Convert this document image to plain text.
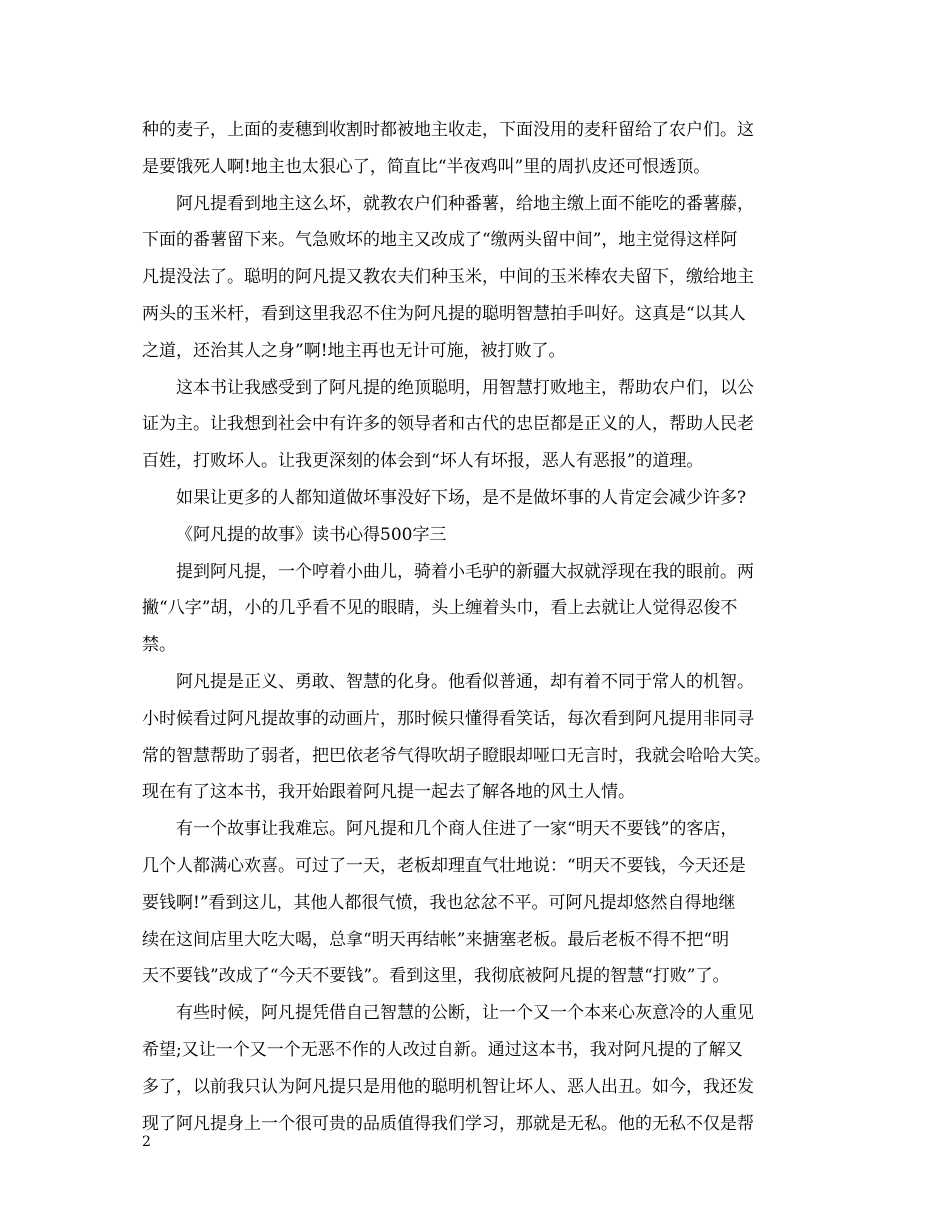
种的麦子，上面的麦穗到收割时都被地主收走，下面没用的麦秆留给了农户们。这
是要饿死人啊!地主也太狠心了，简直比“半夜鸡叫”里的周扒皮还可恨透顶。
阿凡提看到地主这么坏，就教农户们种番薯，给地主缴上面不能吃的番薯藤，
下面的番薯留下来。气急败坏的地主又改成了“缴两头留中间”，地主觉得这样阿
凡提没法了。聪明的阿凡提又教农夫们种玉米，中间的玉米棒农夫留下，缴给地主
两头的玉米杆，看到这里我忍不住为阿凡提的聪明智慧拍手叫好。这真是“以其人
之道，还治其人之身”啊!地主再也无计可施，被打败了。
这本书让我感受到了阿凡提的绝顶聪明，用智慧打败地主，帮助农户们，以公
证为主。让我想到社会中有许多的领导者和古代的忠臣都是正义的人，帮助人民老
百姓，打败坏人。让我更深刻的体会到“坏人有坏报，恶人有恶报”的道理。
如果让更多的人都知道做坏事没好下场，是不是做坏事的人肯定会减少许多?
《阿凡提的故事》读书心得500字三
提到阿凡提，一个哼着小曲儿，骑着小毛驴的新疆大叔就浮现在我的眼前。两
撇“八字”胡，小的几乎看不见的眼睛，头上缠着头巾，看上去就让人觉得忍俊不
禁。
阿凡提是正义、勇敢、智慧的化身。他看似普通，却有着不同于常人的机智。
小时候看过阿凡提故事的动画片，那时候只懂得看笑话，每次看到阿凡提用非同寻
常的智慧帮助了弱者，把巴依老爷气得吹胡子瞪眼却哑口无言时，我就会哈哈大笑。
现在有了这本书，我开始跟着阿凡提一起去了解各地的风土人情。
有一个故事让我难忘。阿凡提和几个商人住进了一家“明天不要钱”的客店，
几个人都满心欢喜。可过了一天，老板却理直气壮地说：“明天不要钱，今天还是
要钱啊!”看到这儿，其他人都很气愤，我也忿忿不平。可阿凡提却悠然自得地继
续在这间店里大吃大喝，总拿“明天再结帐”来搪塞老板。最后老板不得不把“明
天不要钱”改成了“今天不要钱”。看到这里，我彻底被阿凡提的智慧“打败”了。
有些时候，阿凡提凭借自己智慧的公断，让一个又一个本来心灰意冷的人重见
希望;又让一个又一个无恶不作的人改过自新。通过这本书，我对阿凡提的了解又
多了，以前我只认为阿凡提只是用他的聪明机智让坏人、恶人出丑。如今，我还发
现了阿凡提身上一个很可贵的品质值得我们学习，那就是无私。他的无私不仅是帮
2
